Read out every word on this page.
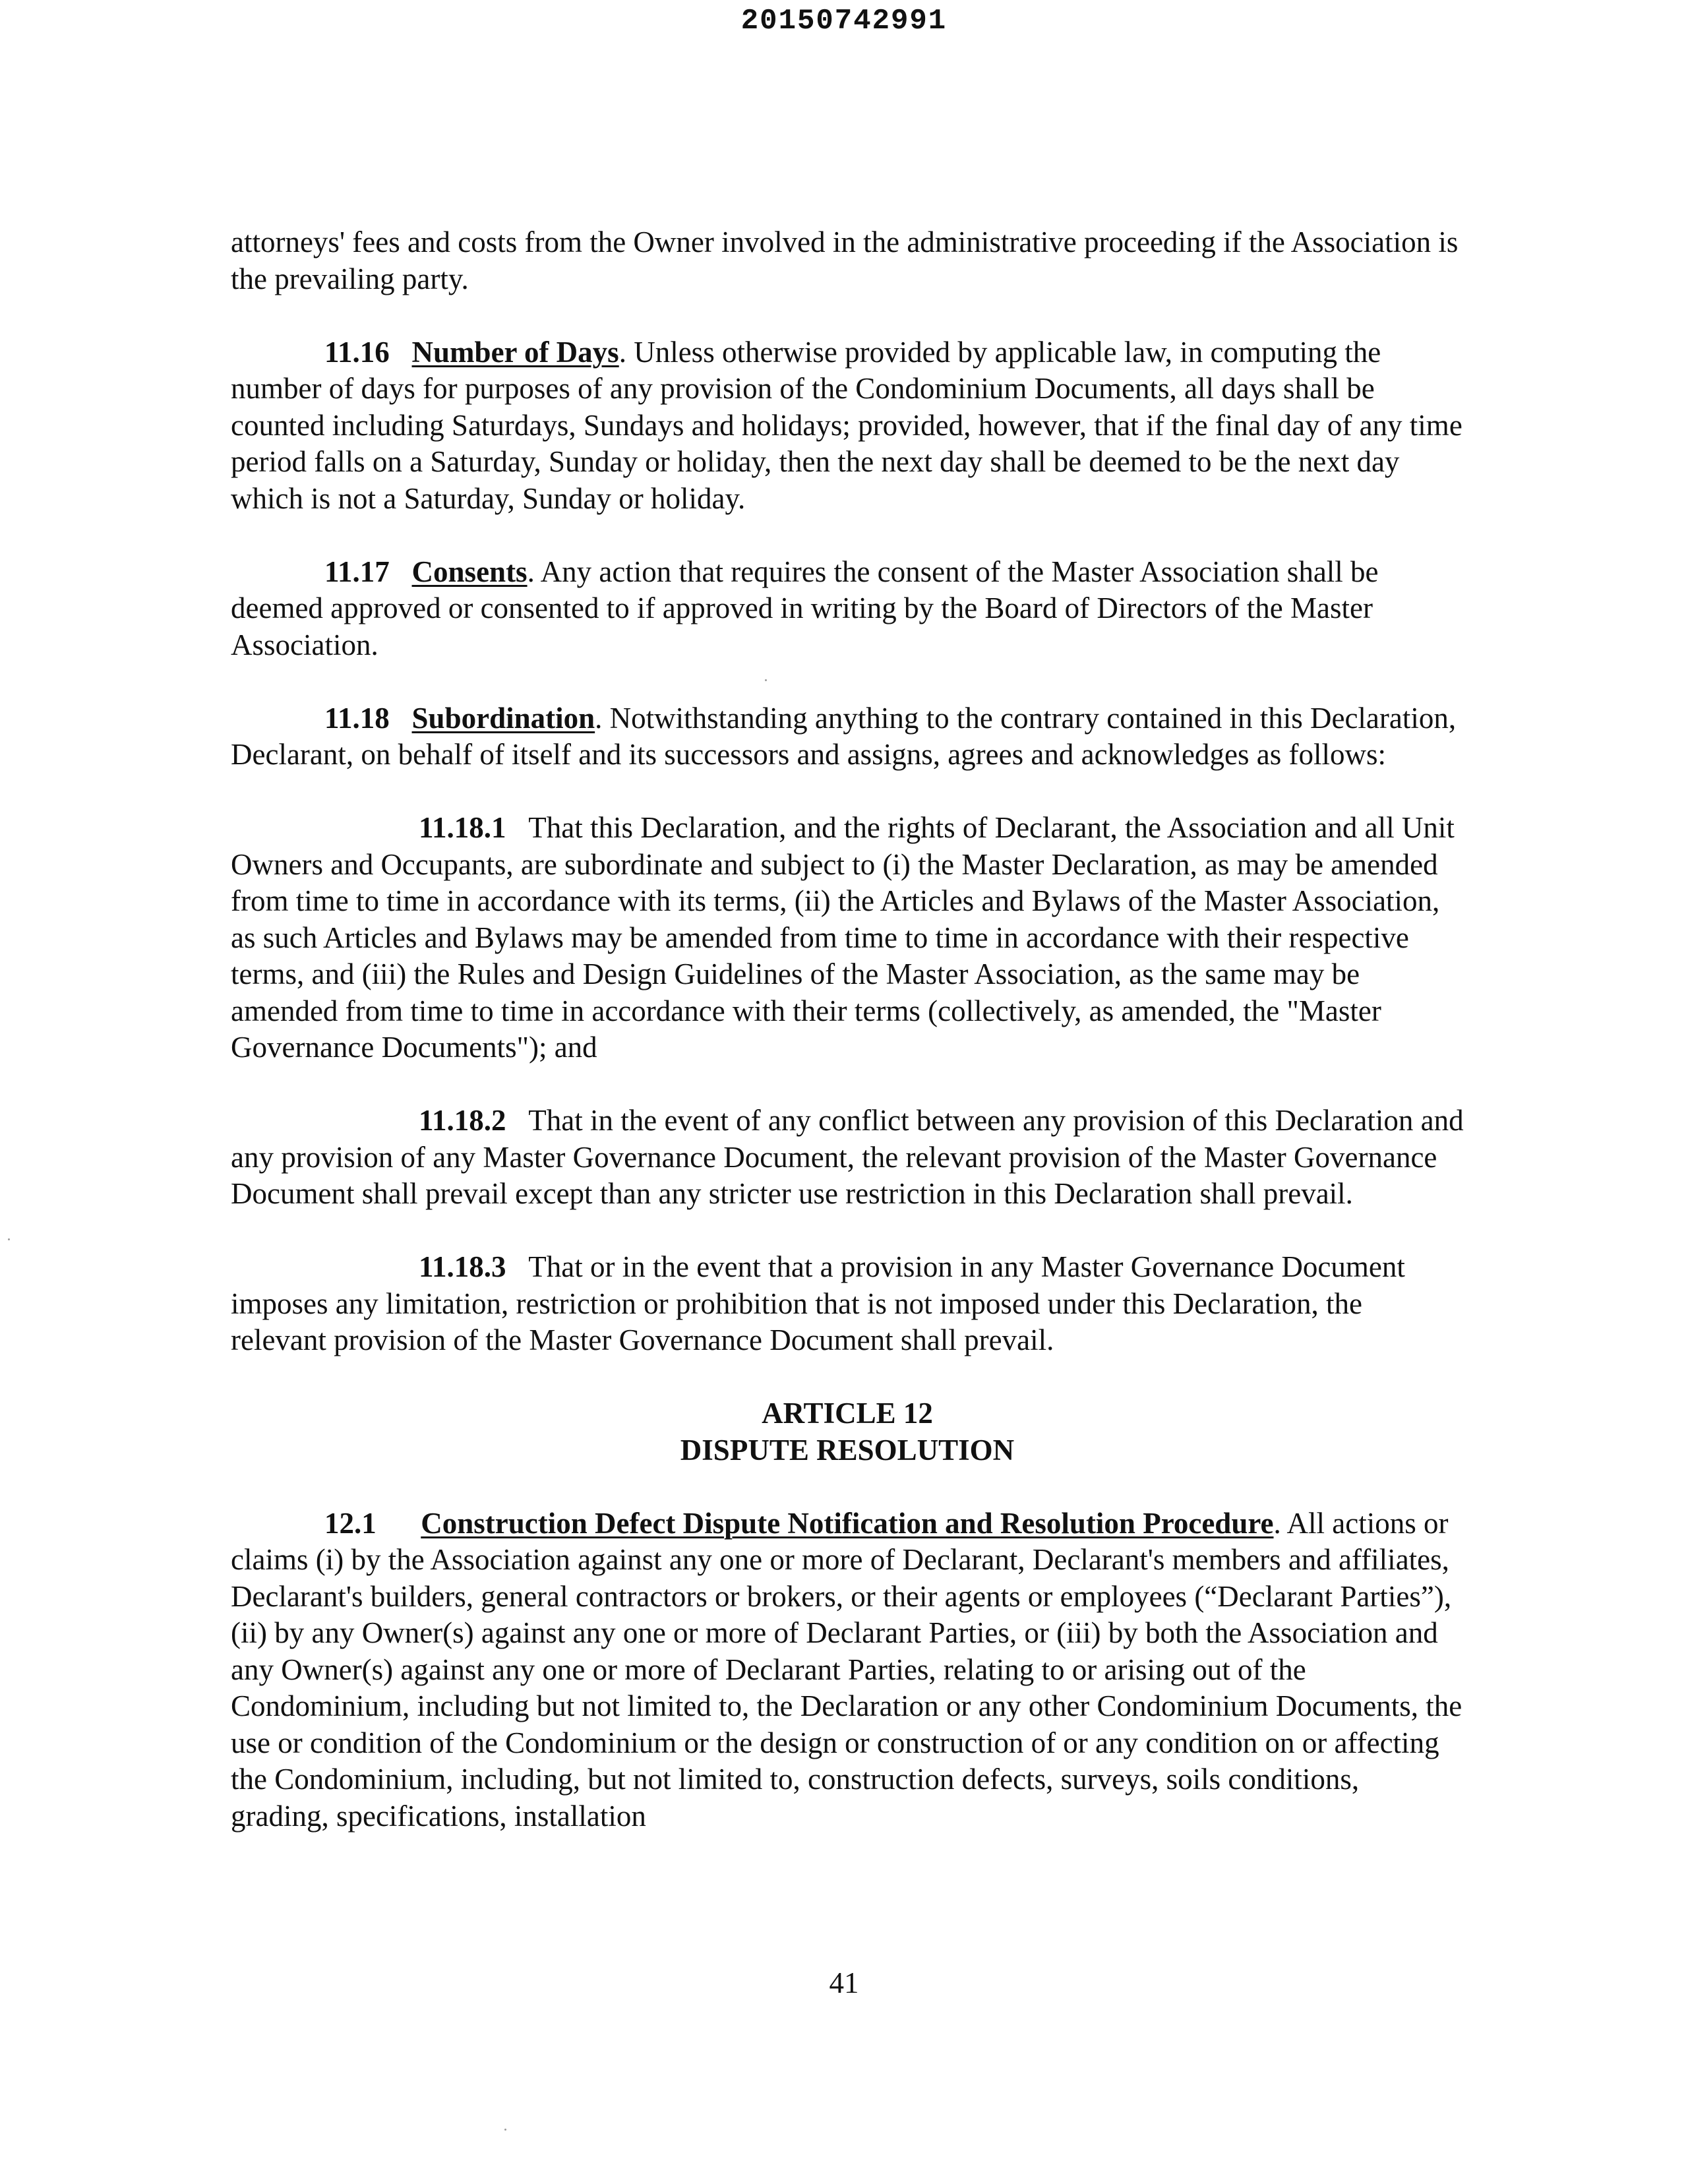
20150742991

attorneys' fees and costs from the Owner involved in the administrative proceeding if the Association is the prevailing party.

11.16 Number of Days. Unless otherwise provided by applicable law, in computing the number of days for purposes of any provision of the Condominium Documents, all days shall be counted including Saturdays, Sundays and holidays; provided, however, that if the final day of any time period falls on a Saturday, Sunday or holiday, then the next day shall be deemed to be the next day which is not a Saturday, Sunday or holiday.

11.17 Consents. Any action that requires the consent of the Master Association shall be deemed approved or consented to if approved in writing by the Board of Directors of the Master Association.

11.18 Subordination. Notwithstanding anything to the contrary contained in this Declaration, Declarant, on behalf of itself and its successors and assigns, agrees and acknowledges as follows:

11.18.1 That this Declaration, and the rights of Declarant, the Association and all Unit Owners and Occupants, are subordinate and subject to (i) the Master Declaration, as may be amended from time to time in accordance with its terms, (ii) the Articles and Bylaws of the Master Association, as such Articles and Bylaws may be amended from time to time in accordance with their respective terms, and (iii) the Rules and Design Guidelines of the Master Association, as the same may be amended from time to time in accordance with their terms (collectively, as amended, the "Master Governance Documents"); and

11.18.2 That in the event of any conflict between any provision of this Declaration and any provision of any Master Governance Document, the relevant provision of the Master Governance Document shall prevail except than any stricter use restriction in this Declaration shall prevail.

11.18.3 That or in the event that a provision in any Master Governance Document imposes any limitation, restriction or prohibition that is not imposed under this Declaration, the relevant provision of the Master Governance Document shall prevail.

ARTICLE 12
DISPUTE RESOLUTION

12.1 Construction Defect Dispute Notification and Resolution Procedure. All actions or claims (i) by the Association against any one or more of Declarant, Declarant's members and affiliates, Declarant's builders, general contractors or brokers, or their agents or employees (“Declarant Parties”), (ii) by any Owner(s) against any one or more of Declarant Parties, or (iii) by both the Association and any Owner(s) against any one or more of Declarant Parties, relating to or arising out of the Condominium, including but not limited to, the Declaration or any other Condominium Documents, the use or condition of the Condominium or the design or construction of or any condition on or affecting the Condominium, including, but not limited to, construction defects, surveys, soils conditions, grading, specifications, installation

41
